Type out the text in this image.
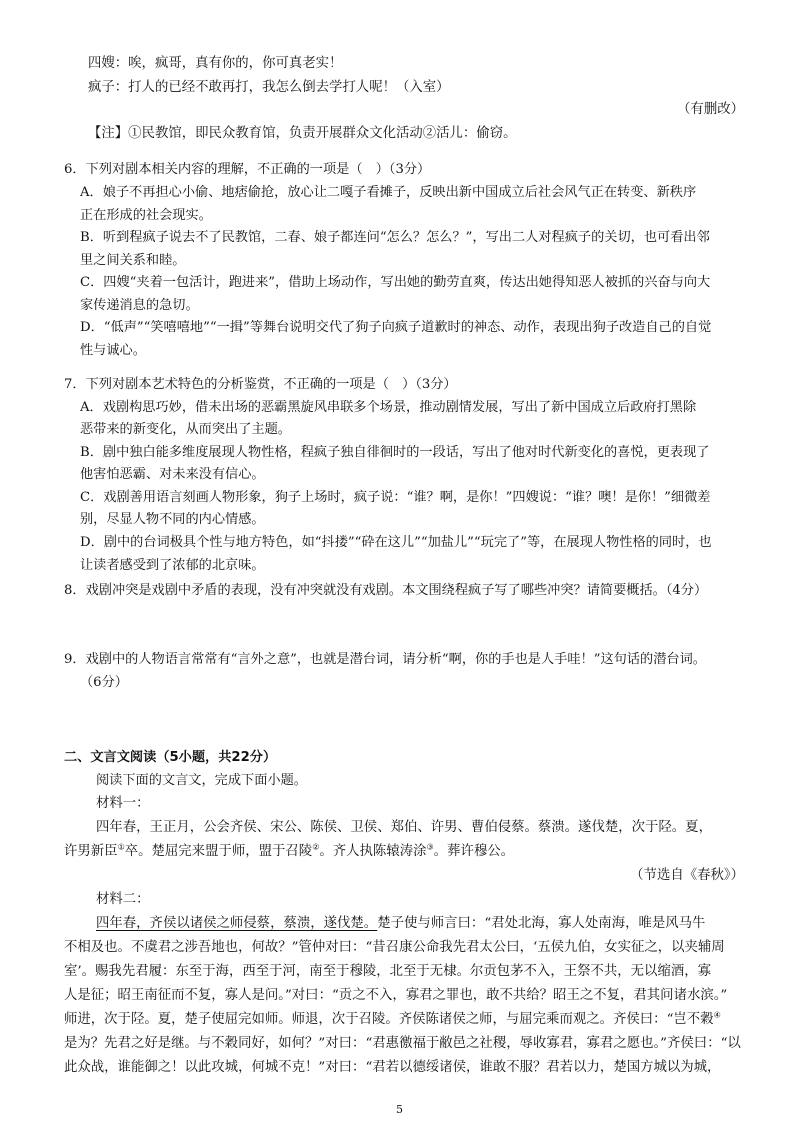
四嫂：唉，疯哥，真有你的，你可真老实！
疯子：打人的已经不敢再打，我怎么倒去学打人呢！（入室）
（有删改）
【注】①民教馆，即民众教育馆，负责开展群众文化活动②活儿：偷窃。
6．下列对剧本相关内容的理解，不正确的一项是（　）（3分）
A．娘子不再担心小偷、地痞偷抢，放心让二嘎子看摊子，反映出新中国成立后社会风气正在转变、新秩序
正在形成的社会现实。
B．听到程疯子说去不了民教馆，二春、娘子都连问“怎么？怎么？”，写出二人对程疯子的关切，也可看出邻
里之间关系和睦。
C．四嫂“夹着一包活计，跑进来”，借助上场动作，写出她的勤劳直爽，传达出她得知恶人被抓的兴奋与向大
家传递消息的急切。
D．“低声”“笑嘻嘻地”“一揖”等舞台说明交代了狗子向疯子道歉时的神态、动作，表现出狗子改造自己的自觉
性与诚心。
7．下列对剧本艺术特色的分析鉴赏，不正确的一项是（　）（3分）
A．戏剧构思巧妙，借未出场的恶霸黑旋风串联多个场景，推动剧情发展，写出了新中国成立后政府打黑除
恶带来的新变化，从而突出了主题。
B．剧中独白能多维度展现人物性格，程疯子独自徘徊时的一段话，写出了他对时代新变化的喜悦，更表现了
他害怕恶霸、对未来没有信心。
C．戏剧善用语言刻画人物形象，狗子上场时，疯子说：“谁？啊，是你！”四嫂说：“谁？噢！是你！”细微差
别，尽显人物不同的内心情感。
D．剧中的台词极具个性与地方特色，如“抖搂”“砕在这儿”“加盐儿”“玩完了”等，在展现人物性格的同时，也
让读者感受到了浓郁的北京味。
8．戏剧冲突是戏剧中矛盾的表现，没有冲突就没有戏剧。本文围绕程疯子写了哪些冲突？请简要概括。（4分）
9．戏剧中的人物语言常常有“言外之意”，也就是潜台词，请分析“啊，你的手也是人手哇！”这句话的潜台词。
（6分）
二、文言文阅读（5小题，共22分）
阅读下面的文言文，完成下面小题。
材料一：
四年春，王正月，公会齐侯、宋公、陈侯、卫侯、郑伯、许男、曹伯侵蔡。蔡溃。遂伐楚，次于陉。夏，
许男新臣①卒。楚屈完来盟于师，盟于召陵②。齐人执陈辕涛涂③。葬许穆公。
（节选自《春秋》）
材料二：
四年春，齐侯以诸侯之师侵蔡，蔡溃，遂伐楚。楚子使与师言曰：“君处北海，寡人处南海，唯是风马牛
不相及也。不虞君之涉吾地也，何故？”管仲对曰：“昔召康公命我先君太公曰，‘五侯九伯，女实征之，以夹辅周
室’。赐我先君履：东至于海，西至于河，南至于穆陵，北至于无棣。尔贡包茅不入，王祭不共，无以缩酒，寡
人是征；昭王南征而不复，寡人是问。”对曰：“贡之不入，寡君之罪也，敢不共给？昭王之不复，君其问诸水滨。”
师进，次于陉。夏，楚子使屈完如师。师退，次于召陵。齐侯陈诸侯之师，与屈完乘而观之。齐侯曰：“岂不穀④
是为？先君之好是继。与不穀同好，如何？”对曰：“君惠徼福于敝邑之社稷，辱收寡君，寡君之愿也。”齐侯曰：“以
此众战，谁能御之！以此攻城，何城不克！”对曰：“君若以德绥诸侯，谁敢不服？君若以力，楚国方城以为城，
5
